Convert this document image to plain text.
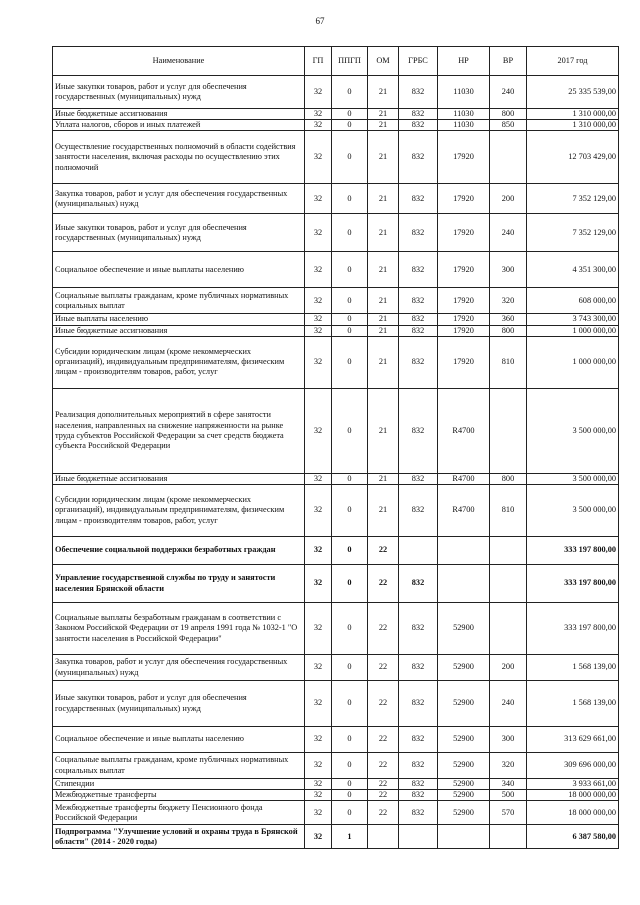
67
Наименование	ГП	ППГП	ОМ	ГРБС	НР	ВР	2017 год
Иные закупки товаров, работ и услуг для обеспечения государственных (муниципальных) нужд	32	0	21	832	11030	240	25 335 539,00
Иные бюджетные ассигнования	32	0	21	832	11030	800	1 310 000,00
Уплата налогов, сборов и иных платежей	32	0	21	832	11030	850	1 310 000,00
Осуществление государственных полномочий в области содействия занятости населения, включая расходы по осуществлению этих полномочий	32	0	21	832	17920		12 703 429,00
Закупка товаров, работ и услуг для обеспечения государственных (муниципальных) нужд	32	0	21	832	17920	200	7 352 129,00
Иные закупки товаров, работ и услуг для обеспечения государственных (муниципальных) нужд	32	0	21	832	17920	240	7 352 129,00
Социальное обеспечение и иные выплаты населению	32	0	21	832	17920	300	4 351 300,00
Социальные выплаты гражданам, кроме публичных нормативных социальных выплат	32	0	21	832	17920	320	608 000,00
Иные выплаты населению	32	0	21	832	17920	360	3 743 300,00
Иные бюджетные ассигнования	32	0	21	832	17920	800	1 000 000,00
Субсидии юридическим лицам (кроме некоммерческих организаций), индивидуальным предпринимателям, физическим лицам - производителям товаров, работ, услуг	32	0	21	832	17920	810	1 000 000,00
Реализация дополнительных мероприятий в сфере занятости населения, направленных на снижение напряженности на рынке труда субъектов Российской Федерации за счет средств бюджета субъекта Российской Федерации	32	0	21	832	R4700		3 500 000,00
Иные бюджетные ассигнования	32	0	21	832	R4700	800	3 500 000,00
Субсидии юридическим лицам (кроме некоммерческих организаций), индивидуальным предпринимателям, физическим лицам - производителям товаров, работ, услуг	32	0	21	832	R4700	810	3 500 000,00
Обеспечение социальной поддержки безработных граждан	32	0	22				333 197 800,00
Управление государственной службы по труду и занятости населения Брянской области	32	0	22	832			333 197 800,00
Социальные выплаты безработным гражданам в соответствии с Законом Российской Федерации от 19 апреля 1991 года № 1032-1 "О занятости населения в Российской Федерации"	32	0	22	832	52900		333 197 800,00
Закупка товаров, работ и услуг для обеспечения государственных (муниципальных) нужд	32	0	22	832	52900	200	1 568 139,00
Иные закупки товаров, работ и услуг для обеспечения государственных (муниципальных) нужд	32	0	22	832	52900	240	1 568 139,00
Социальное обеспечение и иные выплаты населению	32	0	22	832	52900	300	313 629 661,00
Социальные выплаты гражданам, кроме публичных нормативных социальных выплат	32	0	22	832	52900	320	309 696 000,00
Стипендии	32	0	22	832	52900	340	3 933 661,00
Межбюджетные трансферты	32	0	22	832	52900	500	18 000 000,00
Межбюджетные трансферты бюджету Пенсионного фонда Российской Федерации	32	0	22	832	52900	570	18 000 000,00
Подпрограмма "Улучшение условий и охраны труда в Брянской области" (2014 - 2020 годы)	32	1					6 387 580,00
